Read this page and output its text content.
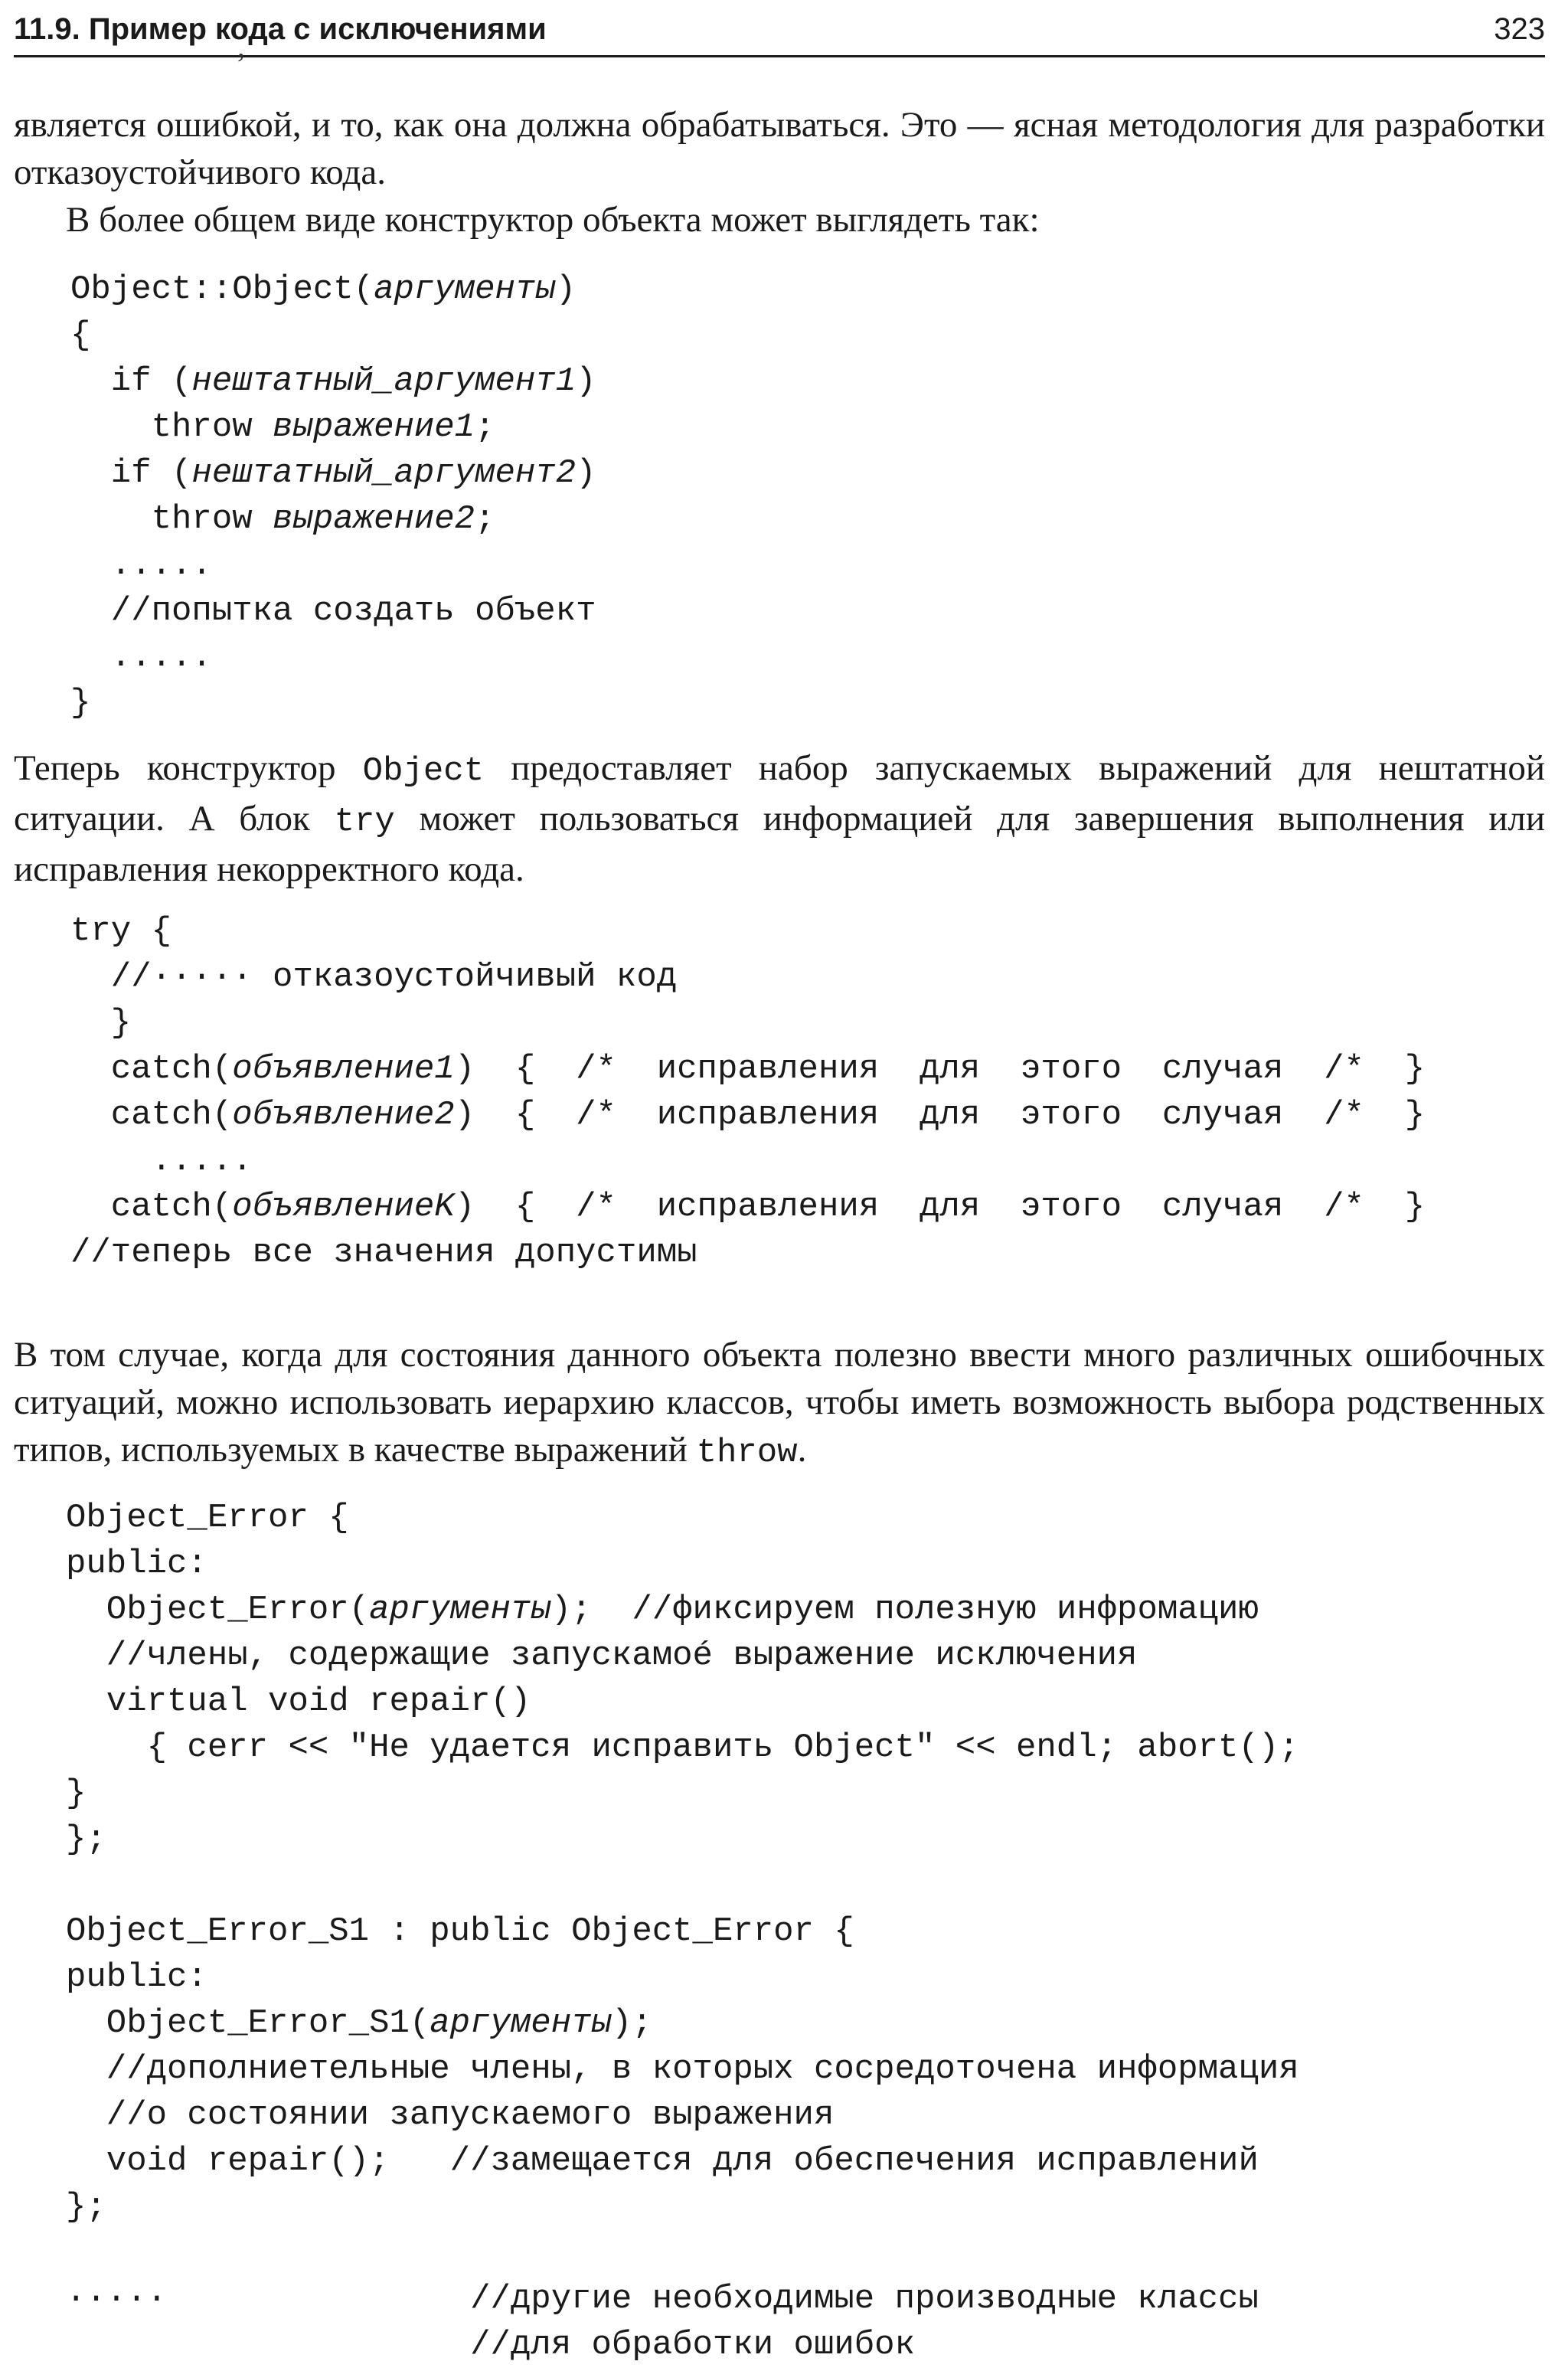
11.9. Пример кода с исключениями	323
ʼ

является ошибкой, и то, как она должна обрабатываться. Это — ясная методология для разработки отказоустойчивого кода.

В более общем виде конструктор объекта может выглядеть так:

Object::Object(аргументы)
{
if (нештатный_аргумент1)
throw выражение1;
if (нештатный_аргумент2)
throw выражение2;
.....
//попытка создать объект
.....
}

Теперь конструктор Object предоставляет набор запускаемых выражений для нештатной ситуации. А блок try может пользоваться информацией для завершения выполнения или исправления некорректного кода.

try {
//····· отказоустойчивый код
}
catch(объявление1)  {  /*  исправления  для  этого  случая  /*  }
catch(объявление2)  {  /*  исправления  для  этого  случая  /*  }
.....
catch(объявлениеK)  {  /*  исправления  для  этого  случая  /*  }
//теперь все значения допустимы

В том случае, когда для состояния данного объекта полезно ввести много различных ошибочных ситуаций, можно использовать иерархию классов, чтобы иметь возможность выбора родственных типов, используемых в качестве выражений throw.

Object_Error {
public:
Object_Error(аргументы);  //фиксируем полезную инфромацию
//члены, содержащие запускамоé выражение исключения
virtual void repair()
{ cerr << "Не удается исправить Object" << endl; abort();
}
};
Object_Error_S1 : public Object_Error {
public:
Object_Error_S1(аргументы);
//дополниетельные члены, в которых сосредоточена информация
//о состоянии запускаемого выражения
void repair();   //замещается для обеспечения исправлений
};
·····               //другие необходимые производные классы
//для обработки ошибок
